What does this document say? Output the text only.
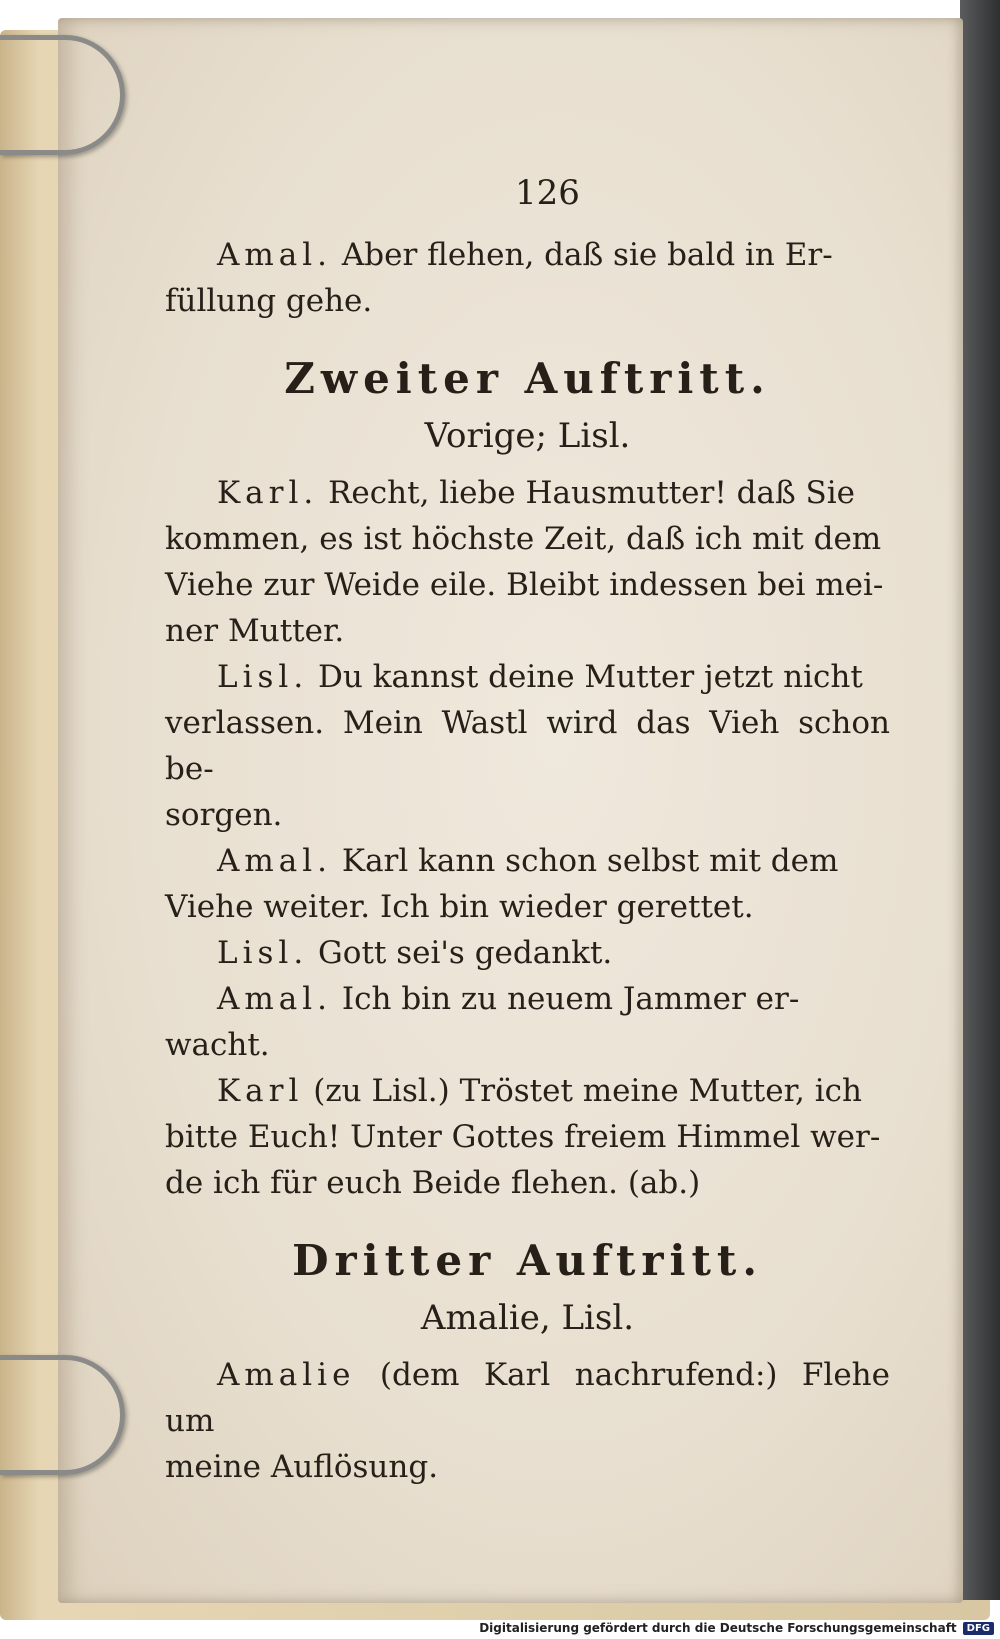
126

Amal. Aber flehen, daß sie bald in Er-

füllung gehe.

Zweiter Auftritt.

Vorige; Lisl.

Karl. Recht, liebe Hausmutter! daß Sie

kommen, es ist höchste Zeit, daß ich mit dem

Viehe zur Weide eile. Bleibt indessen bei mei-

ner Mutter.

Lisl. Du kannst deine Mutter jetzt nicht

verlassen. Mein Wastl wird das Vieh schon be-

sorgen.

Amal. Karl kann schon selbst mit dem

Viehe weiter. Ich bin wieder gerettet.

Lisl. Gott sei's gedankt.

Amal. Ich bin zu neuem Jammer er-

wacht.

Karl (zu Lisl.) Tröstet meine Mutter, ich

bitte Euch! Unter Gottes freiem Himmel wer-

de ich für euch Beide flehen. (ab.)

Dritter Auftritt.

Amalie, Lisl.

Amalie (dem Karl nachrufend:) Flehe um

meine Auflösung.

Digitalisierung gefördert durch die Deutsche Forschungsgemeinschaft	DFG
